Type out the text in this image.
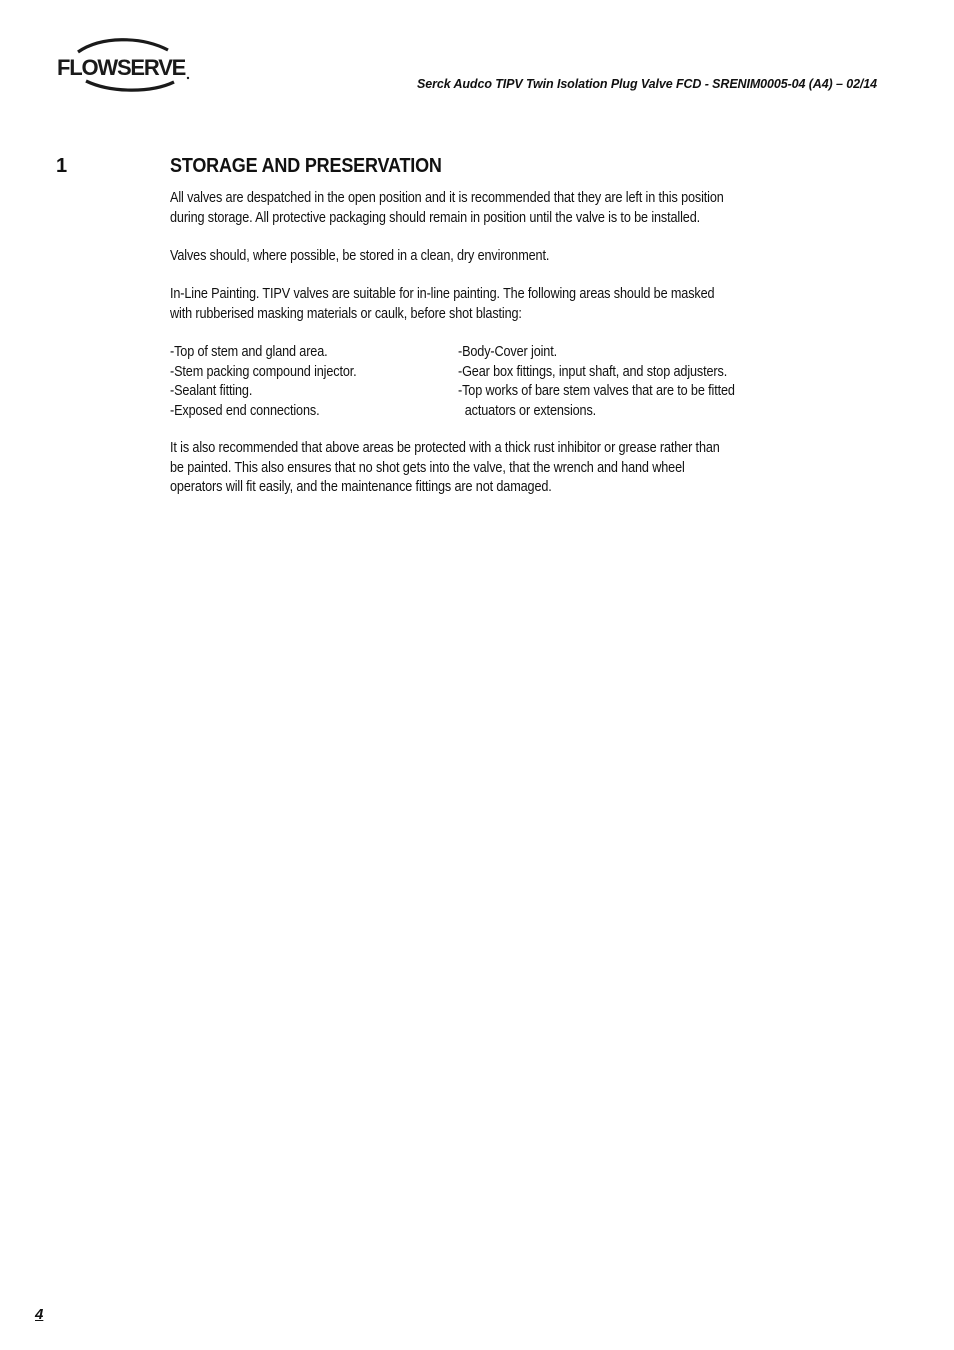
FLOWSERVE
Serck Audco TIPV Twin Isolation Plug Valve FCD - SRENIM0005-04 (A4) – 02/14
1	STORAGE AND PRESERVATION

All valves are despatched in the open position and it is recommended that they are left in this position

during storage. All protective packaging should remain in position until the valve is to be installed.

Valves should, where possible, be stored in a clean, dry environment.

In-Line Painting. TIPV valves are suitable for in-line painting. The following areas should be masked

with rubberised masking materials or caulk, before shot blasting:

-Top of stem and gland area.
-Stem packing compound injector.
-Sealant fitting.
-Exposed end connections.
-Body-Cover joint.
-Gear box fittings, input shaft, and stop adjusters.
-Top works of bare stem valves that are to be fitted
actuators or extensions.

It is also recommended that above areas be protected with a thick rust inhibitor or grease rather than

be painted. This also ensures that no shot gets into the valve, that the wrench and hand wheel

operators will fit easily, and the maintenance fittings are not damaged.

4
